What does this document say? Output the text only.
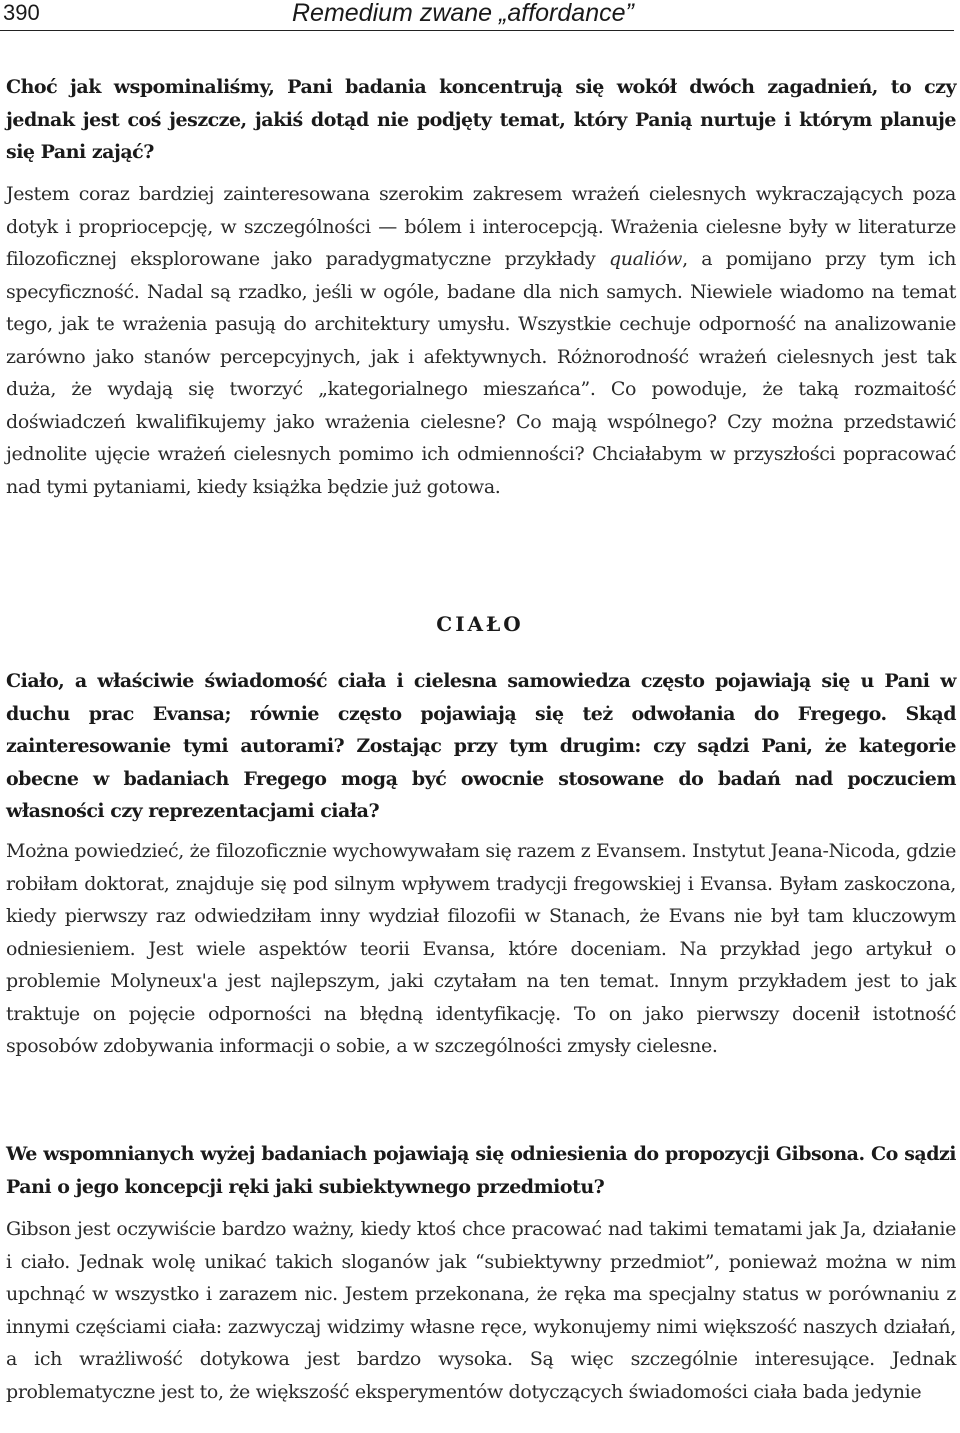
390	Remedium zwane „affordance”
Choć jak wspominaliśmy, Pani badania koncentrują się wokół dwóch zagadnień, to czy jednak jest coś jeszcze, jakiś dotąd nie podjęty temat, który Panią nurtuje i którym planuje się Pani zająć?
Jestem coraz bardziej zainteresowana szerokim zakresem wrażeń cielesnych wykraczających poza dotyk i propriocepcję, w szczególności — bólem i interocepcją. Wrażenia cielesne były w literaturze filozoficznej eksplorowane jako paradygmatyczne przykłady qualiów, a pomijano przy tym ich specyficzność. Nadal są rzadko, jeśli w ogóle, badane dla nich samych. Niewiele wiadomo na temat tego, jak te wrażenia pasują do architektury umysłu. Wszystkie cechuje odporność na analizowanie zarówno jako stanów percepcyjnych, jak i afektywnych. Różnorodność wrażeń cielesnych jest tak duża, że wydają się tworzyć „kategorialnego mieszańca”. Co powoduje, że taką rozmaitość doświadczeń kwalifikujemy jako wrażenia cielesne? Co mają wspólnego? Czy można przedstawić jednolite ujęcie wrażeń cielesnych pomimo ich odmienności? Chciałabym w przyszłości popracować nad tymi pytaniami, kiedy książka będzie już gotowa.
CIAŁO
Ciało, a właściwie świadomość ciała i cielesna samowiedza często pojawiają się u Pani w duchu prac Evansa; równie często pojawiają się też odwołania do Fregego. Skąd zainteresowanie tymi autorami? Zostając przy tym drugim: czy sądzi Pani, że kategorie obecne w badaniach Fregego mogą być owocnie stosowane do badań nad poczuciem własności czy reprezentacjami ciała?
Można powiedzieć, że filozoficznie wychowywałam się razem z Evansem. Instytut Jeana-Nicoda, gdzie robiłam doktorat, znajduje się pod silnym wpływem tradycji fregowskiej i Evansa. Byłam zaskoczona, kiedy pierwszy raz odwiedziłam inny wydział filozofii w Stanach, że Evans nie był tam kluczowym odniesieniem. Jest wiele aspektów teorii Evansa, które doceniam. Na przykład jego artykuł o problemie Molyneux'a jest najlepszym, jaki czytałam na ten temat. Innym przykładem jest to jak traktuje on pojęcie odporności na błędną identyfikację. To on jako pierwszy docenił istotność sposobów zdobywania informacji o sobie, a w szczególności zmysły cielesne.
We wspomnianych wyżej badaniach pojawiają się odniesienia do propozycji Gibsona. Co sądzi Pani o jego koncepcji ręki jaki subiektywnego przedmiotu?
Gibson jest oczywiście bardzo ważny, kiedy ktoś chce pracować nad takimi tematami jak Ja, działanie i ciało. Jednak wolę unikać takich sloganów jak “subiektywny przedmiot”, ponieważ można w nim upchnąć w wszystko i zarazem nic. Jestem przekonana, że ręka ma specjalny status w porównaniu z innymi częściami ciała: zazwyczaj widzimy własne ręce, wykonujemy nimi większość naszych działań, a ich wrażliwość dotykowa jest bardzo wysoka. Są więc szczególnie interesujące. Jednak problematyczne jest to, że większość eksperymentów dotyczących świadomości ciała bada jedynie
